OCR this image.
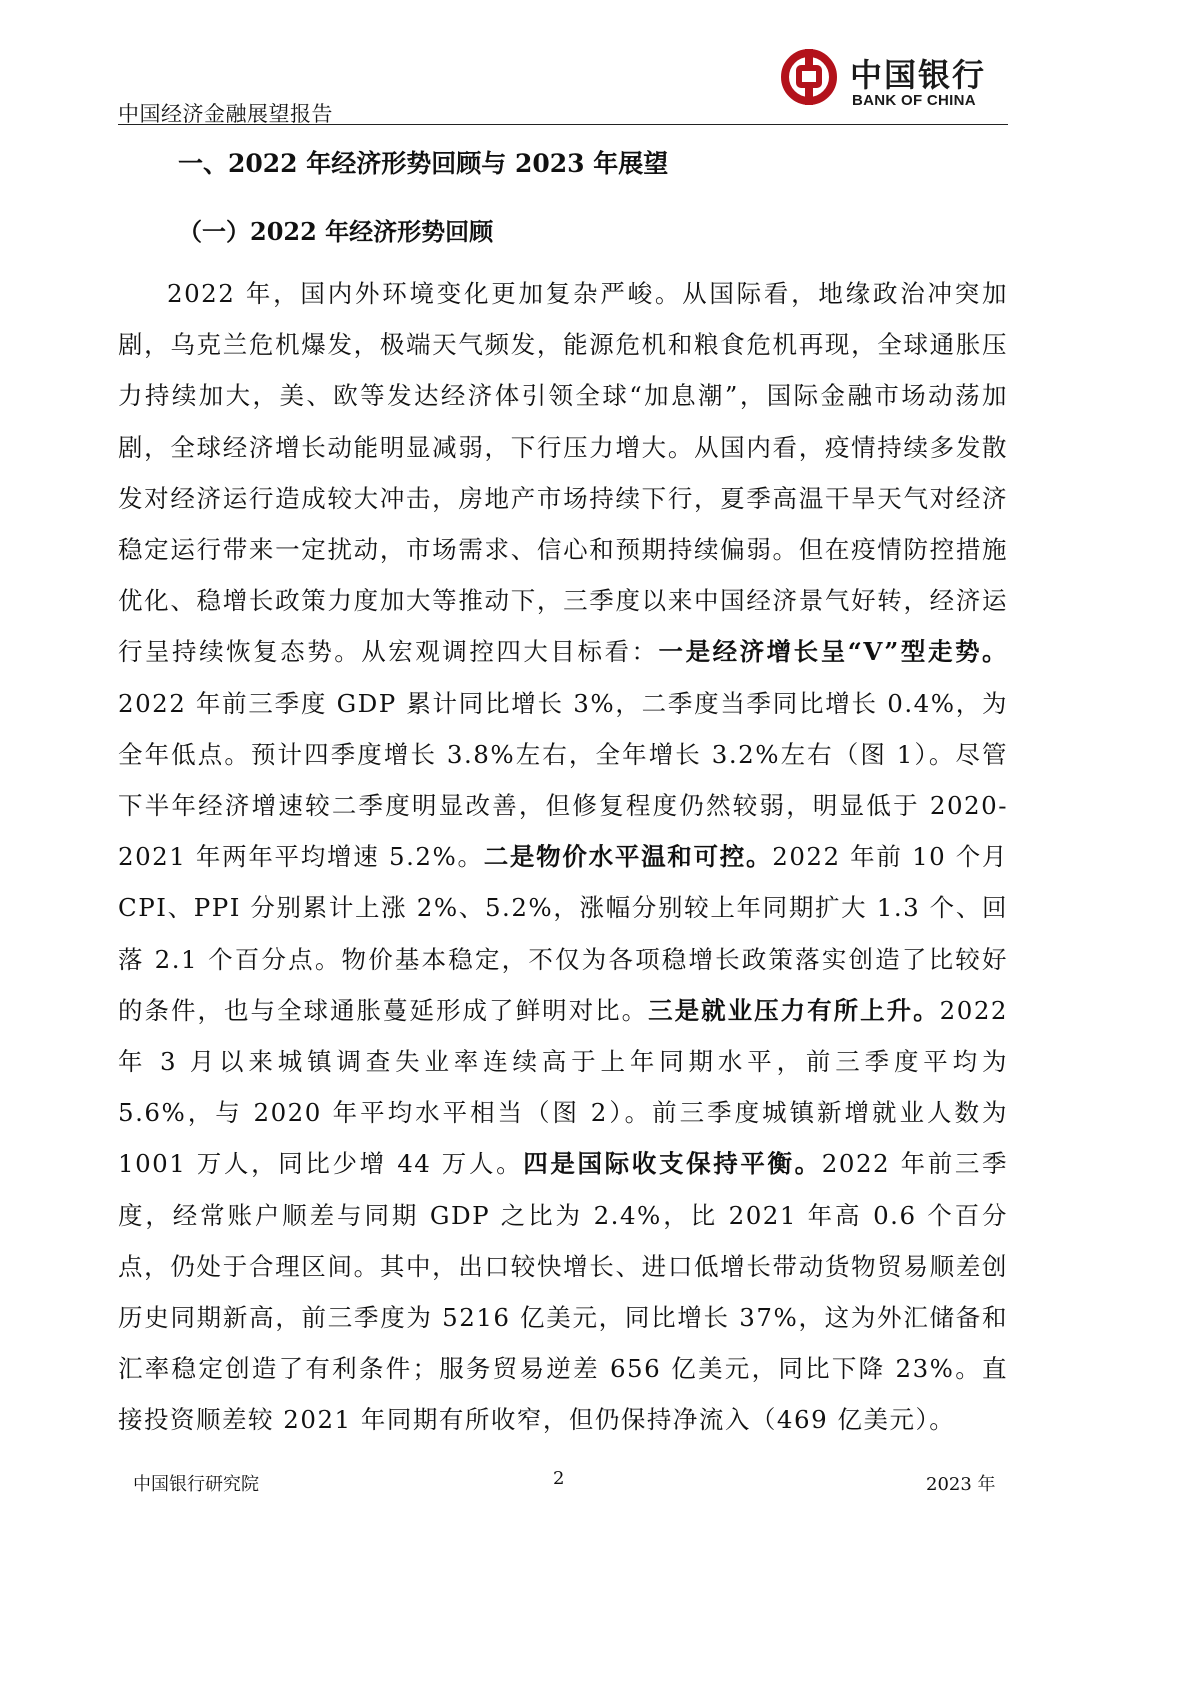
中国经济金融展望报告
中国银行
BANK OF CHINA
一、2022 年经济形势回顾与 2023 年展望
（一）2022 年经济形势回顾
2022 年，国内外环境变化更加复杂严峻。从国际看，地缘政治冲突加剧，乌克兰危机爆发，极端天气频发，能源危机和粮食危机再现，全球通胀压力持续加大，美、欧等发达经济体引领全球“加息潮”，国际金融市场动荡加剧，全球经济增长动能明显减弱，下行压力增大。从国内看，疫情持续多发散发对经济运行造成较大冲击，房地产市场持续下行，夏季高温干旱天气对经济稳定运行带来一定扰动，市场需求、信心和预期持续偏弱。但在疫情防控措施优化、稳增长政策力度加大等推动下，三季度以来中国经济景气好转，经济运行呈持续恢复态势。从宏观调控四大目标看：一是经济增长呈“V”型走势。2022 年前三季度 GDP 累计同比增长 3%，二季度当季同比增长 0.4%，为全年低点。预计四季度增长 3.8%左右，全年增长 3.2%左右（图 1）。尽管下半年经济增速较二季度明显改善，但修复程度仍然较弱，明显低于 2020-2021 年两年平均增速 5.2%。二是物价水平温和可控。2022 年前 10 个月 CPI、PPI 分别累计上涨 2%、5.2%，涨幅分别较上年同期扩大 1.3 个、回落 2.1 个百分点。物价基本稳定，不仅为各项稳增长政策落实创造了比较好的条件，也与全球通胀蔓延形成了鲜明对比。三是就业压力有所上升。2022 年 3 月以来城镇调查失业率连续高于上年同期水平，前三季度平均为 5.6%，与 2020 年平均水平相当（图 2）。前三季度城镇新增就业人数为 1001 万人，同比少增 44 万人。四是国际收支保持平衡。2022 年前三季度，经常账户顺差与同期 GDP 之比为 2.4%，比 2021 年高 0.6 个百分点，仍处于合理区间。其中，出口较快增长、进口低增长带动货物贸易顺差创历史同期新高，前三季度为 5216 亿美元，同比增长 37%，这为外汇储备和汇率稳定创造了有利条件；服务贸易逆差 656 亿美元，同比下降 23%。直接投资顺差较 2021 年同期有所收窄，但仍保持净流入（469 亿美元）。
中国银行研究院	2	2023 年
